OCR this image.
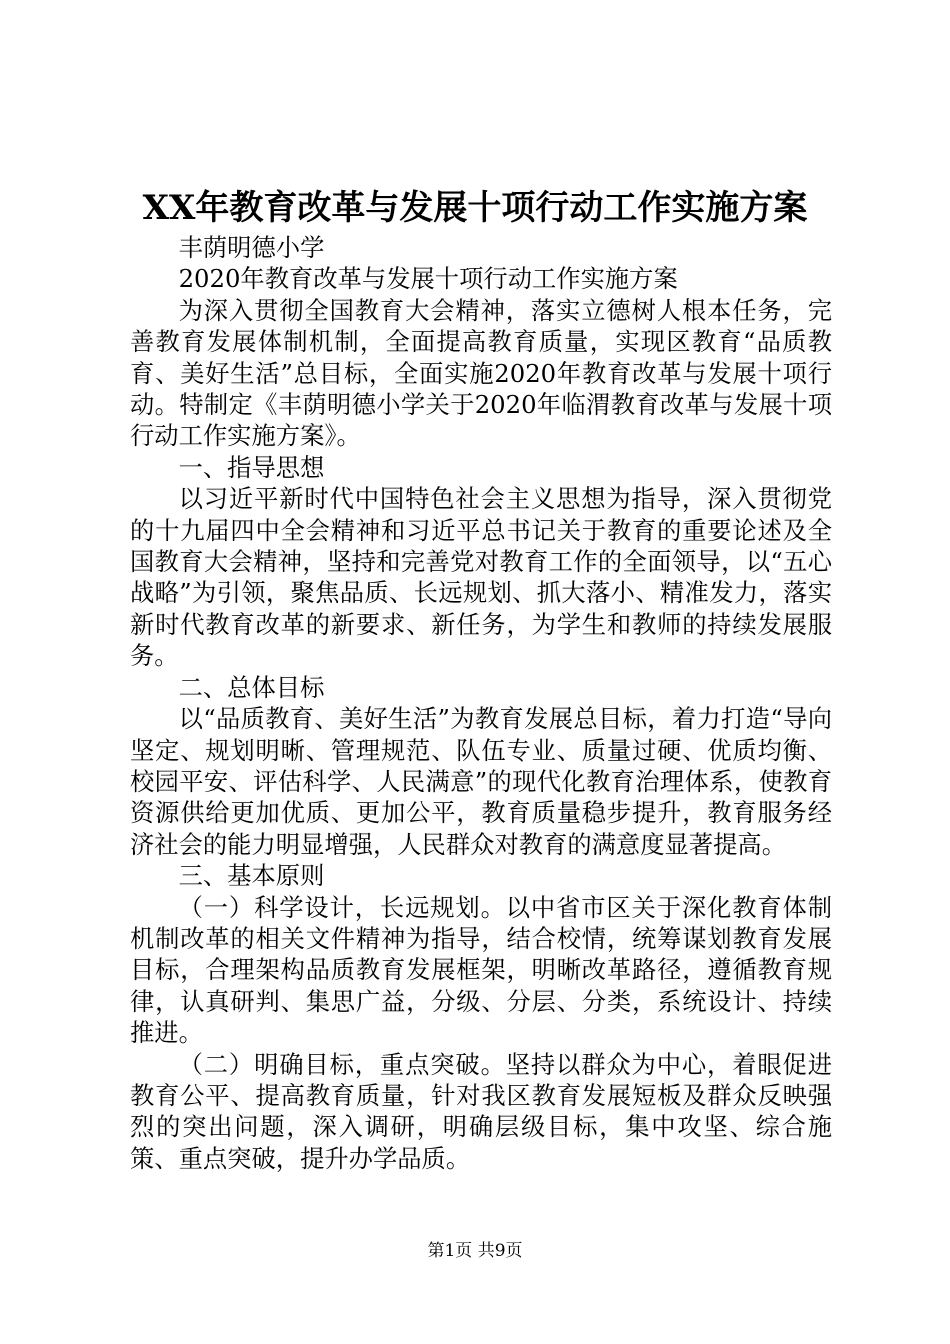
XX年教育改革与发展十项行动工作实施方案

丰荫明德小学

2020年教育改革与发展十项行动工作实施方案

为深入贯彻全国教育大会精神，落实立德树人根本任务，完善教育发展体制机制，全面提高教育质量，实现区教育“品质教育、美好生活”总目标，全面实施2020年教育改革与发展十项行动。特制定《丰荫明德小学关于2020年临渭教育改革与发展十项行动工作实施方案》。

一、指导思想

以习近平新时代中国特色社会主义思想为指导，深入贯彻党的十九届四中全会精神和习近平总书记关于教育的重要论述及全国教育大会精神，坚持和完善党对教育工作的全面领导，以“五心战略”为引领，聚焦品质、长远规划、抓大落小、精准发力，落实新时代教育改革的新要求、新任务，为学生和教师的持续发展服务。

二、总体目标

以“品质教育、美好生活”为教育发展总目标，着力打造“导向坚定、规划明晰、管理规范、队伍专业、质量过硬、优质均衡、校园平安、评估科学、人民满意”的现代化教育治理体系，使教育资源供给更加优质、更加公平，教育质量稳步提升，教育服务经济社会的能力明显增强，人民群众对教育的满意度显著提高。

三、基本原则

（一）科学设计，长远规划。以中省市区关于深化教育体制机制改革的相关文件精神为指导，结合校情，统筹谋划教育发展目标，合理架构品质教育发展框架，明晰改革路径，遵循教育规律，认真研判、集思广益，分级、分层、分类，系统设计、持续推进。

（二）明确目标，重点突破。坚持以群众为中心，着眼促进教育公平、提高教育质量，针对我区教育发展短板及群众反映强烈的突出问题，深入调研，明确层级目标，集中攻坚、综合施策、重点突破，提升办学品质。

第1页 共9页
